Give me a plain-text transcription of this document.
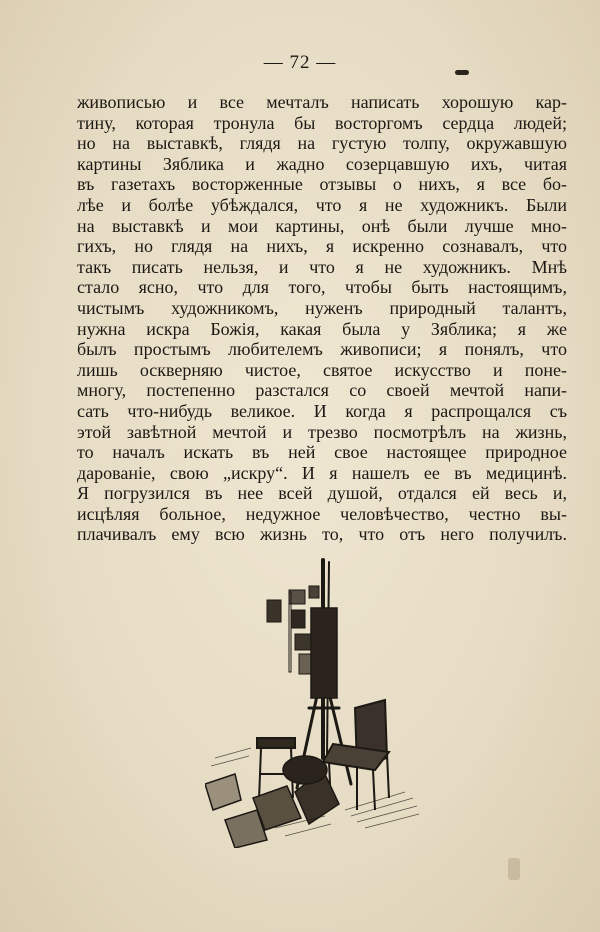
— 72 —
живописью и все мечталъ написать хорошую кар-
тину, которая тронула бы восторгомъ сердца людей;
но на выставкѣ, глядя на густую толпу, окружавшую
картины Зяблика и жадно созерцавшую ихъ, читая
въ газетахъ восторженные отзывы о нихъ, я все бо-
лѣе и болѣе убѣждался, что я не художникъ. Были
на выставкѣ и мои картины, онѣ были лучше мно-
гихъ, но глядя на нихъ, я искренно сознавалъ, что
такъ писать нельзя, и что я не художникъ. Мнѣ
стало ясно, что для того, чтобы быть настоящимъ,
чистымъ художникомъ, нуженъ природный талантъ,
нужна искра Божія, какая была у Зяблика; я же
былъ простымъ любителемъ живописи; я понялъ, что
лишь оскверняю чистое, святое искусство и поне-
многу, постепенно разстался со своей мечтой напи-
сать что-нибудь великое. И когда я распрощался съ
этой завѣтной мечтой и трезво посмотрѣлъ на жизнь,
то началъ искать въ ней свое настоящее природное
дарованіе, свою „искру“. И я нашелъ ее въ медицинѣ.
Я погрузился въ нее всей душой, отдался ей весь и,
исцѣляя больное, недужное человѣчество, честно вы-
плачивалъ ему всю жизнь то, что отъ него получилъ.
